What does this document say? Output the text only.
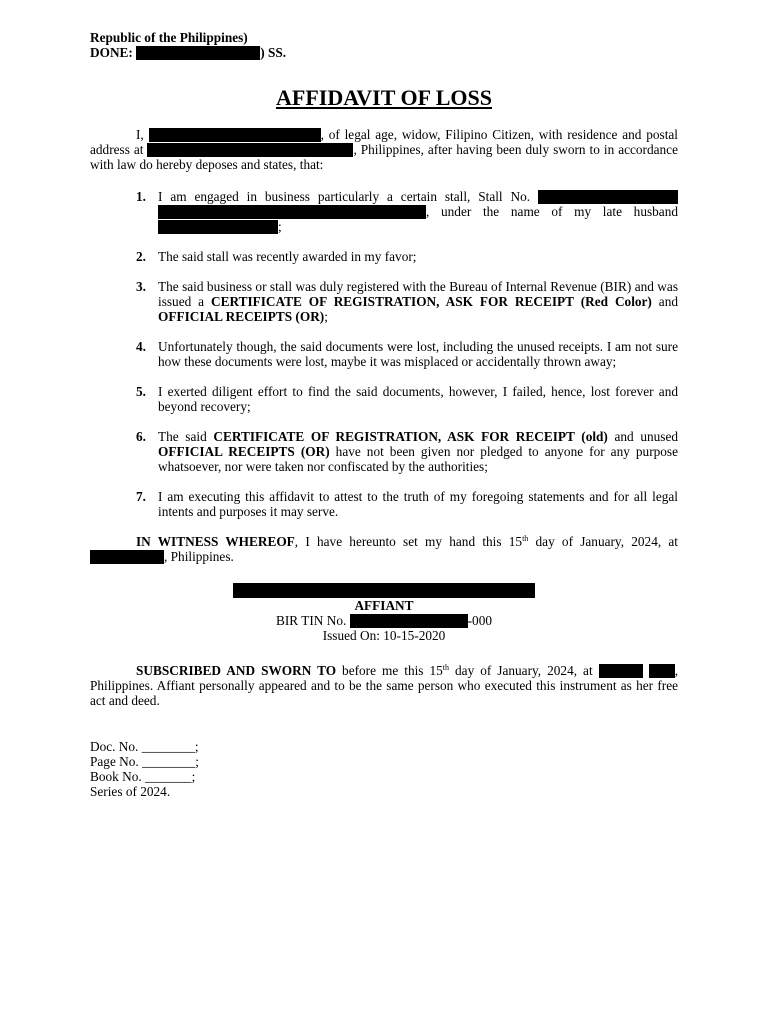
Republic of the Philippines)
DONE:	) SS.
AFFIDAVIT OF LOSS
I,	, of legal age, widow, Filipino Citizen, with residence and postal address at	, Philippines, after having been duly sworn to in accordance with law do hereby deposes and states, that:
1. I am engaged in business particularly a certain stall, Stall No.  , under the name of my late husband ;
2. The said stall was recently awarded in my favor;
3. The said business or stall was duly registered with the Bureau of Internal Revenue (BIR) and was issued a CERTIFICATE OF REGISTRATION, ASK FOR RECEIPT (Red Color) and OFFICIAL RECEIPTS (OR);
4. Unfortunately though, the said documents were lost, including the unused receipts. I am not sure how these documents were lost, maybe it was misplaced or accidentally thrown away;
5. I exerted diligent effort to find the said documents, however, I failed, hence, lost forever and beyond recovery;
6. The said CERTIFICATE OF REGISTRATION, ASK FOR RECEIPT (old) and unused OFFICIAL RECEIPTS (OR) have not been given nor pledged to anyone for any purpose whatsoever, nor were taken nor confiscated by the authorities;
7. I am executing this affidavit to attest to the truth of my foregoing statements and for all legal intents and purposes it may serve.
IN WITNESS WHEREOF, I have hereunto set my hand this 15th day of January, 2024, at , Philippines.
AFFIANT
BIR TIN No.	-000
Issued On: 10-15-2020
SUBSCRIBED AND SWORN TO before me this 15th day of January, 2024, at	, Philippines. Affiant personally appeared and to be the same person who executed this instrument as her free act and deed.
Doc. No. ________;
Page No. ________;
Book No. _______;
Series of 2024.
